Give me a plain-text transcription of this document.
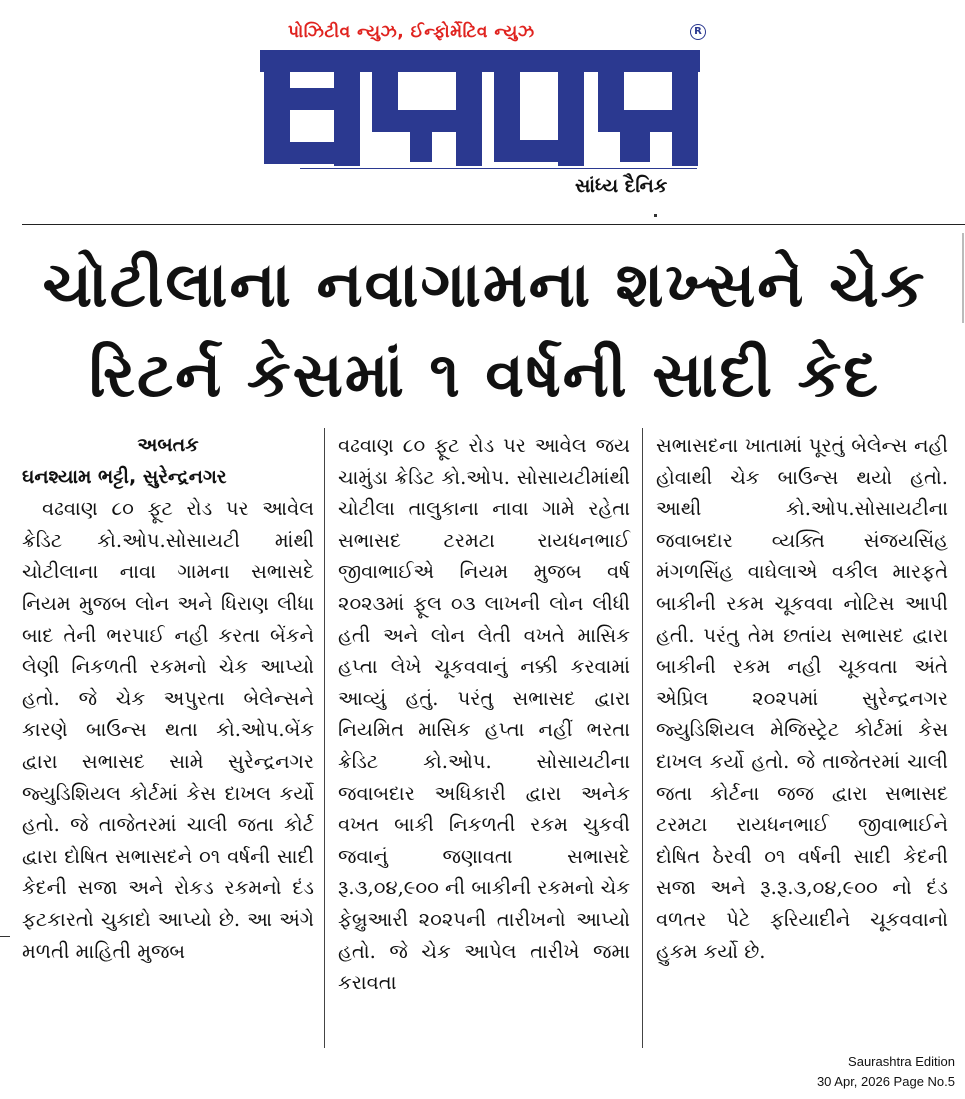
પોઝિટીવ ન્યુઝ, ઈન્ફોર્મેટિવ ન્યુઝ	R
અબતક
સાંધ્ય દૈનિક
ચોટીલાના નવાગામના શખ્સને ચેક
રિટર્ન કેસમાં ૧ વર્ષની સાદી કેદ
અબતક
ઘનશ્યામ ભટ્ટી, સુરેન્દ્રનગર
વઢવાણ ૮૦ ફૂટ રોડ પર આવેલ ક્રેડિટ કો.ઓપ.સોસાયટી માંથી ચોટીલાના નાવા ગામના સભાસદે નિયમ મુજબ લોન અને ધિરાણ લીધા બાદ તેની ભરપાઈ નહી કરતા બેંકને લેણી નિકળતી રકમનો ચેક આપ્યો હતો. જે ચેક અપુરતા બેલેન્સને કારણે બાઉન્સ થતા કો.ઓપ.બેંક દ્વારા સભાસદ સામે સુરેન્દ્રનગર જ્યુડિશિયલ કોર્ટમાં કેસ દાખલ કર્યો હતો. જે તાજેતરમાં ચાલી જતા કોર્ટ દ્વારા દોષિત સભાસદને ૦૧ વર્ષની સાદી કેદની સજા અને રોકડ રકમનો દંડ ફટકારતો ચુકાદો આપ્યો છે. આ અંગે મળતી માહિતી મુજબ
વઢવાણ ૮૦ ફૂટ રોડ પર આવેલ જય ચામુંડા ક્રેડિટ કો.ઓપ. સોસાયટીમાંથી ચોટીલા તાલુકાના નાવા ગામે રહેતા સભાસદ ટરમટા રાયધનભાઈ જીવાભાઈએ નિયમ મુજબ વર્ષ ૨૦૨૩માં ફૂલ ૦૩ લાખની લોન લીધી હતી અને લોન લેતી વખતે માસિક હપ્તા લેખે ચૂકવવાનું નક્કી કરવામાં આવ્યું હતું. પરંતુ સભાસદ દ્વારા નિયમિત માસિક હપ્તા નહીં ભરતા ક્રેડિટ કો.ઓપ. સોસાયટીના જવાબદાર અધિકારી દ્વારા અનેક વખત બાકી નિકળતી રકમ ચુકવી જવાનું જણાવતા સભાસદે રૂ.૩,૦૪,૯૦૦ ની બાકીની રકમનો ચેક ફેબ્રુઆરી ૨૦૨૫ની તારીખનો આપ્યો હતો. જે ચેક આપેલ તારીખે જમા કરાવતા
સભાસદના ખાતામાં પૂરતું બેલેન્સ નહી હોવાથી ચેક બાઉન્સ થયો હતો. આથી કો.ઓપ.સોસાયટીના જવાબદાર વ્યક્તિ સંજયસિંહ મંગળસિંહ વાઘેલાએ વકીલ મારફતે બાકીની રકમ ચૂકવવા નોટિસ આપી હતી. પરંતુ તેમ છતાંય સભાસદ દ્વારા બાકીની રકમ નહી ચૂકવતા અંતે એપ્રિલ ૨૦૨૫માં સુરેન્દ્રનગર જ્યુડિશિયલ મેજિસ્ટ્રેટ કોર્ટમાં કેસ દાખલ કર્યો હતો. જે તાજેતરમાં ચાલી જતા કોર્ટના જજ દ્વારા સભાસદ ટરમટા રાયધનભાઈ જીવાભાઈને દોષિત ઠેરવી ૦૧ વર્ષની સાદી કેદની સજા અને રૂ.રૂ.૩,૦૪,૯૦૦ નો દંડ વળતર પેટે ફરિયાદીને ચૂકવવાનો હુકમ કર્યો છે.
Saurashtra Edition
30 Apr, 2026 Page No.5
